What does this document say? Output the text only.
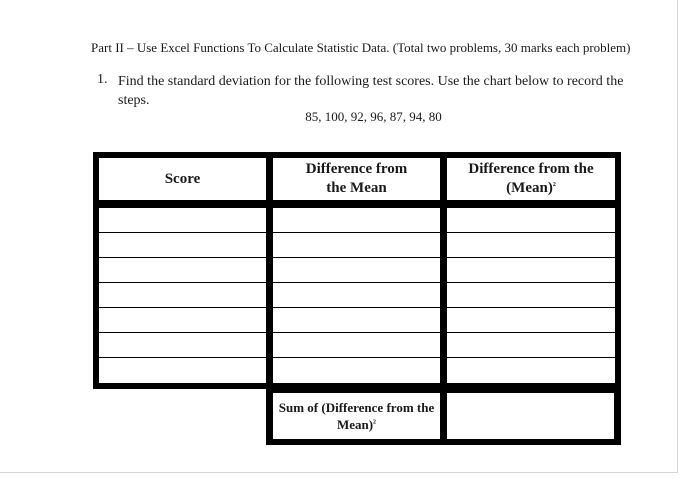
Part II – Use Excel Functions To Calculate Statistic Data. (Total two problems, 30 marks each problem)
1. Find the standard deviation for the following test scores. Use the chart below to record the steps.
85, 100, 92, 96, 87, 94, 80
Score
Difference from the Mean
Difference from the (Mean)$^2$
Sum of (Difference from the Mean)$^2$
